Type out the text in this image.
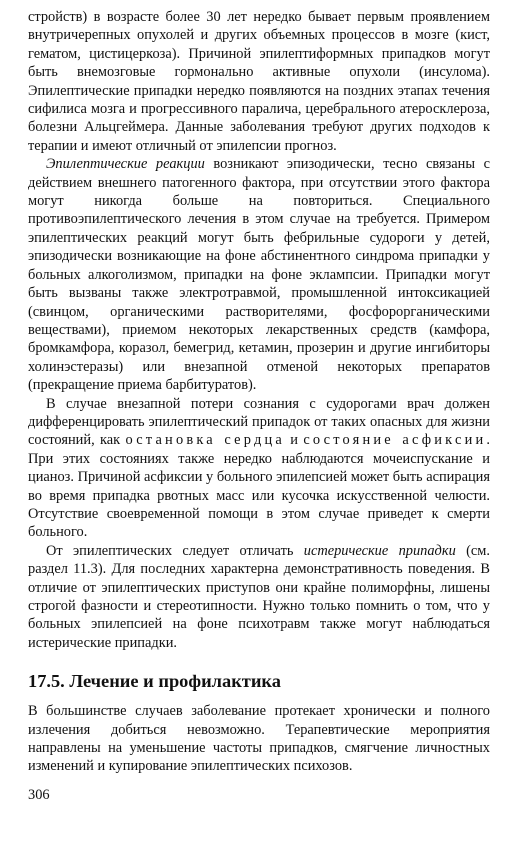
стройств) в возрасте более 30 лет нередко бывает первым проявлением внутричерепных опухолей и других объемных процессов в мозге (кист, гематом, цистицеркоза). Причиной эпилептиформных припадков могут быть внемозговые гормонально активные опухоли (инсулома). Эпилептические припадки нередко появляются на поздних этапах течения сифилиса мозга и прогрессивного паралича, церебрального атеросклероза, болезни Альцгеймера. Данные заболевания требуют других подходов к терапии и имеют отличный от эпилепсии прогноз.

Эпилептические реакции возникают эпизодически, тесно связаны с действием внешнего патогенного фактора, при отсутствии этого фактора могут никогда больше на повториться. Специального противоэпилептического лечения в этом случае на требуется. Примером эпилептических реакций могут быть фебрильные судороги у детей, эпизодически возникающие на фоне абстинентного синдрома припадки у больных алкоголизмом, припадки на фоне эклампсии. Припадки могут быть вызваны также электротравмой, промышленной интоксикацией (свинцом, органическими растворителями, фосфорорганическими веществами), приемом некоторых лекарственных средств (камфора, бромкамфора, коразол, бемегрид, кетамин, прозерин и другие ингибиторы холинэстеразы) или внезапной отменой некоторых препаратов (прекращение приема барбитуратов).

В случае внезапной потери сознания с судорогами врач должен дифференцировать эпилептический припадок от таких опасных для жизни состояний, как остановка сердца и состояние асфиксии. При этих состояниях также нередко наблюдаются мочеиспускание и цианоз. Причиной асфиксии у больного эпилепсией может быть аспирация во время припадка рвотных масс или кусочка искусственной челюсти. Отсутствие своевременной помощи в этом случае приведет к смерти больного.

От эпилептических следует отличать истерические припадки (см. раздел 11.3). Для последних характерна демонстративность поведения. В отличие от эпилептических приступов они крайне полиморфны, лишены строгой фазности и стереотипности. Нужно только помнить о том, что у больных эпилепсией на фоне психотравм также могут наблюдаться истерические припадки.

17.5. Лечение и профилактика

В большинстве случаев заболевание протекает хронически и полного излечения добиться невозможно. Терапевтические мероприятия направлены на уменьшение частоты припадков, смягчение личностных изменений и купирование эпилептических психозов.

306
